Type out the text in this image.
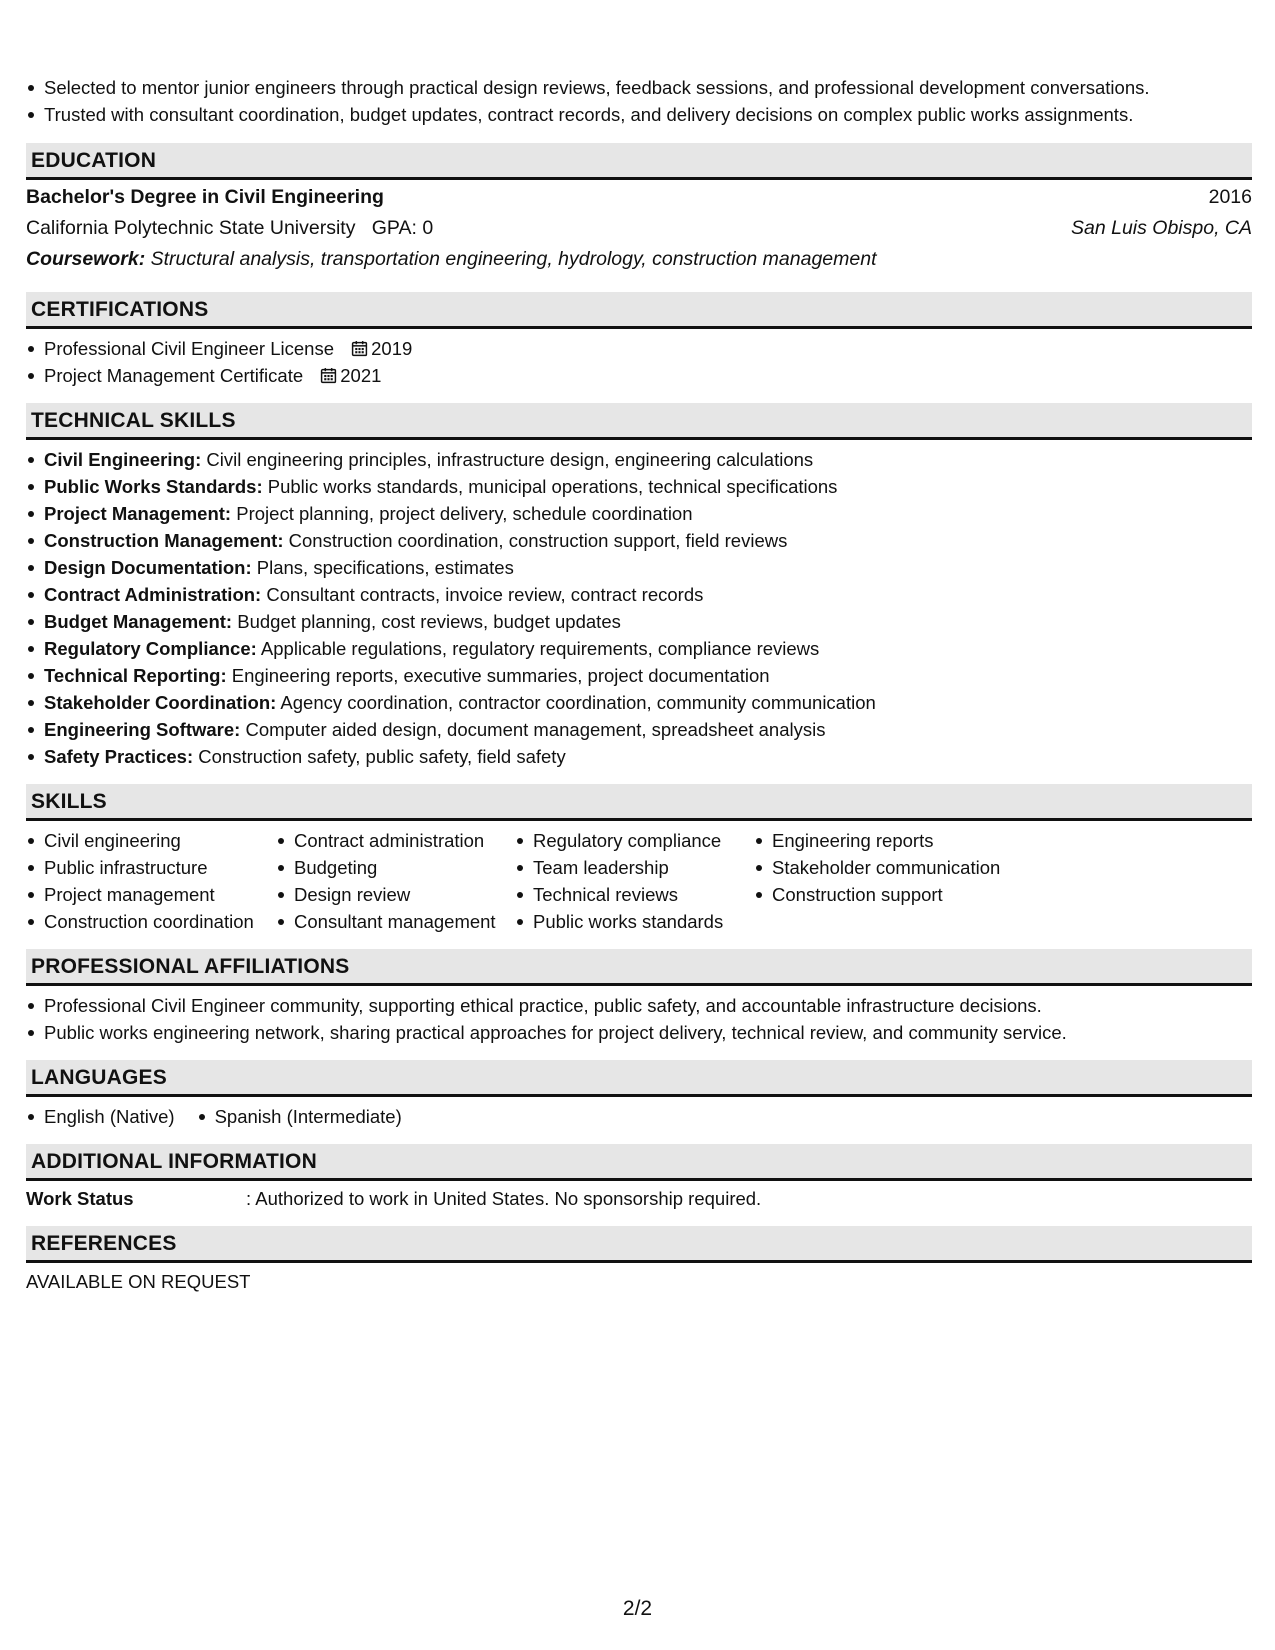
Selected to mentor junior engineers through practical design reviews, feedback sessions, and professional development conversations.
Trusted with consultant coordination, budget updates, contract records, and delivery decisions on complex public works assignments.
EDUCATION
Bachelor's Degree in Civil Engineering	2016
California Polytechnic State University GPA: 0	San Luis Obispo, CA
Coursework: Structural analysis, transportation engineering, hydrology, construction management
CERTIFICATIONS
Professional Civil Engineer License 2019
Project Management Certificate 2021
TECHNICAL SKILLS
Civil Engineering: Civil engineering principles, infrastructure design, engineering calculations
Public Works Standards: Public works standards, municipal operations, technical specifications
Project Management: Project planning, project delivery, schedule coordination
Construction Management: Construction coordination, construction support, field reviews
Design Documentation: Plans, specifications, estimates
Contract Administration: Consultant contracts, invoice review, contract records
Budget Management: Budget planning, cost reviews, budget updates
Regulatory Compliance: Applicable regulations, regulatory requirements, compliance reviews
Technical Reporting: Engineering reports, executive summaries, project documentation
Stakeholder Coordination: Agency coordination, contractor coordination, community communication
Engineering Software: Computer aided design, document management, spreadsheet analysis
Safety Practices: Construction safety, public safety, field safety
SKILLS
Civil engineering
Public infrastructure
Project management
Construction coordination
Contract administration
Budgeting
Design review
Consultant management
Regulatory compliance
Team leadership
Technical reviews
Public works standards
Engineering reports
Stakeholder communication
Construction support
PROFESSIONAL AFFILIATIONS
Professional Civil Engineer community, supporting ethical practice, public safety, and accountable infrastructure decisions.
Public works engineering network, sharing practical approaches for project delivery, technical review, and community service.
LANGUAGES
English (Native)	Spanish (Intermediate)
ADDITIONAL INFORMATION
Work Status	: Authorized to work in United States. No sponsorship required.
REFERENCES
AVAILABLE ON REQUEST
2/2
